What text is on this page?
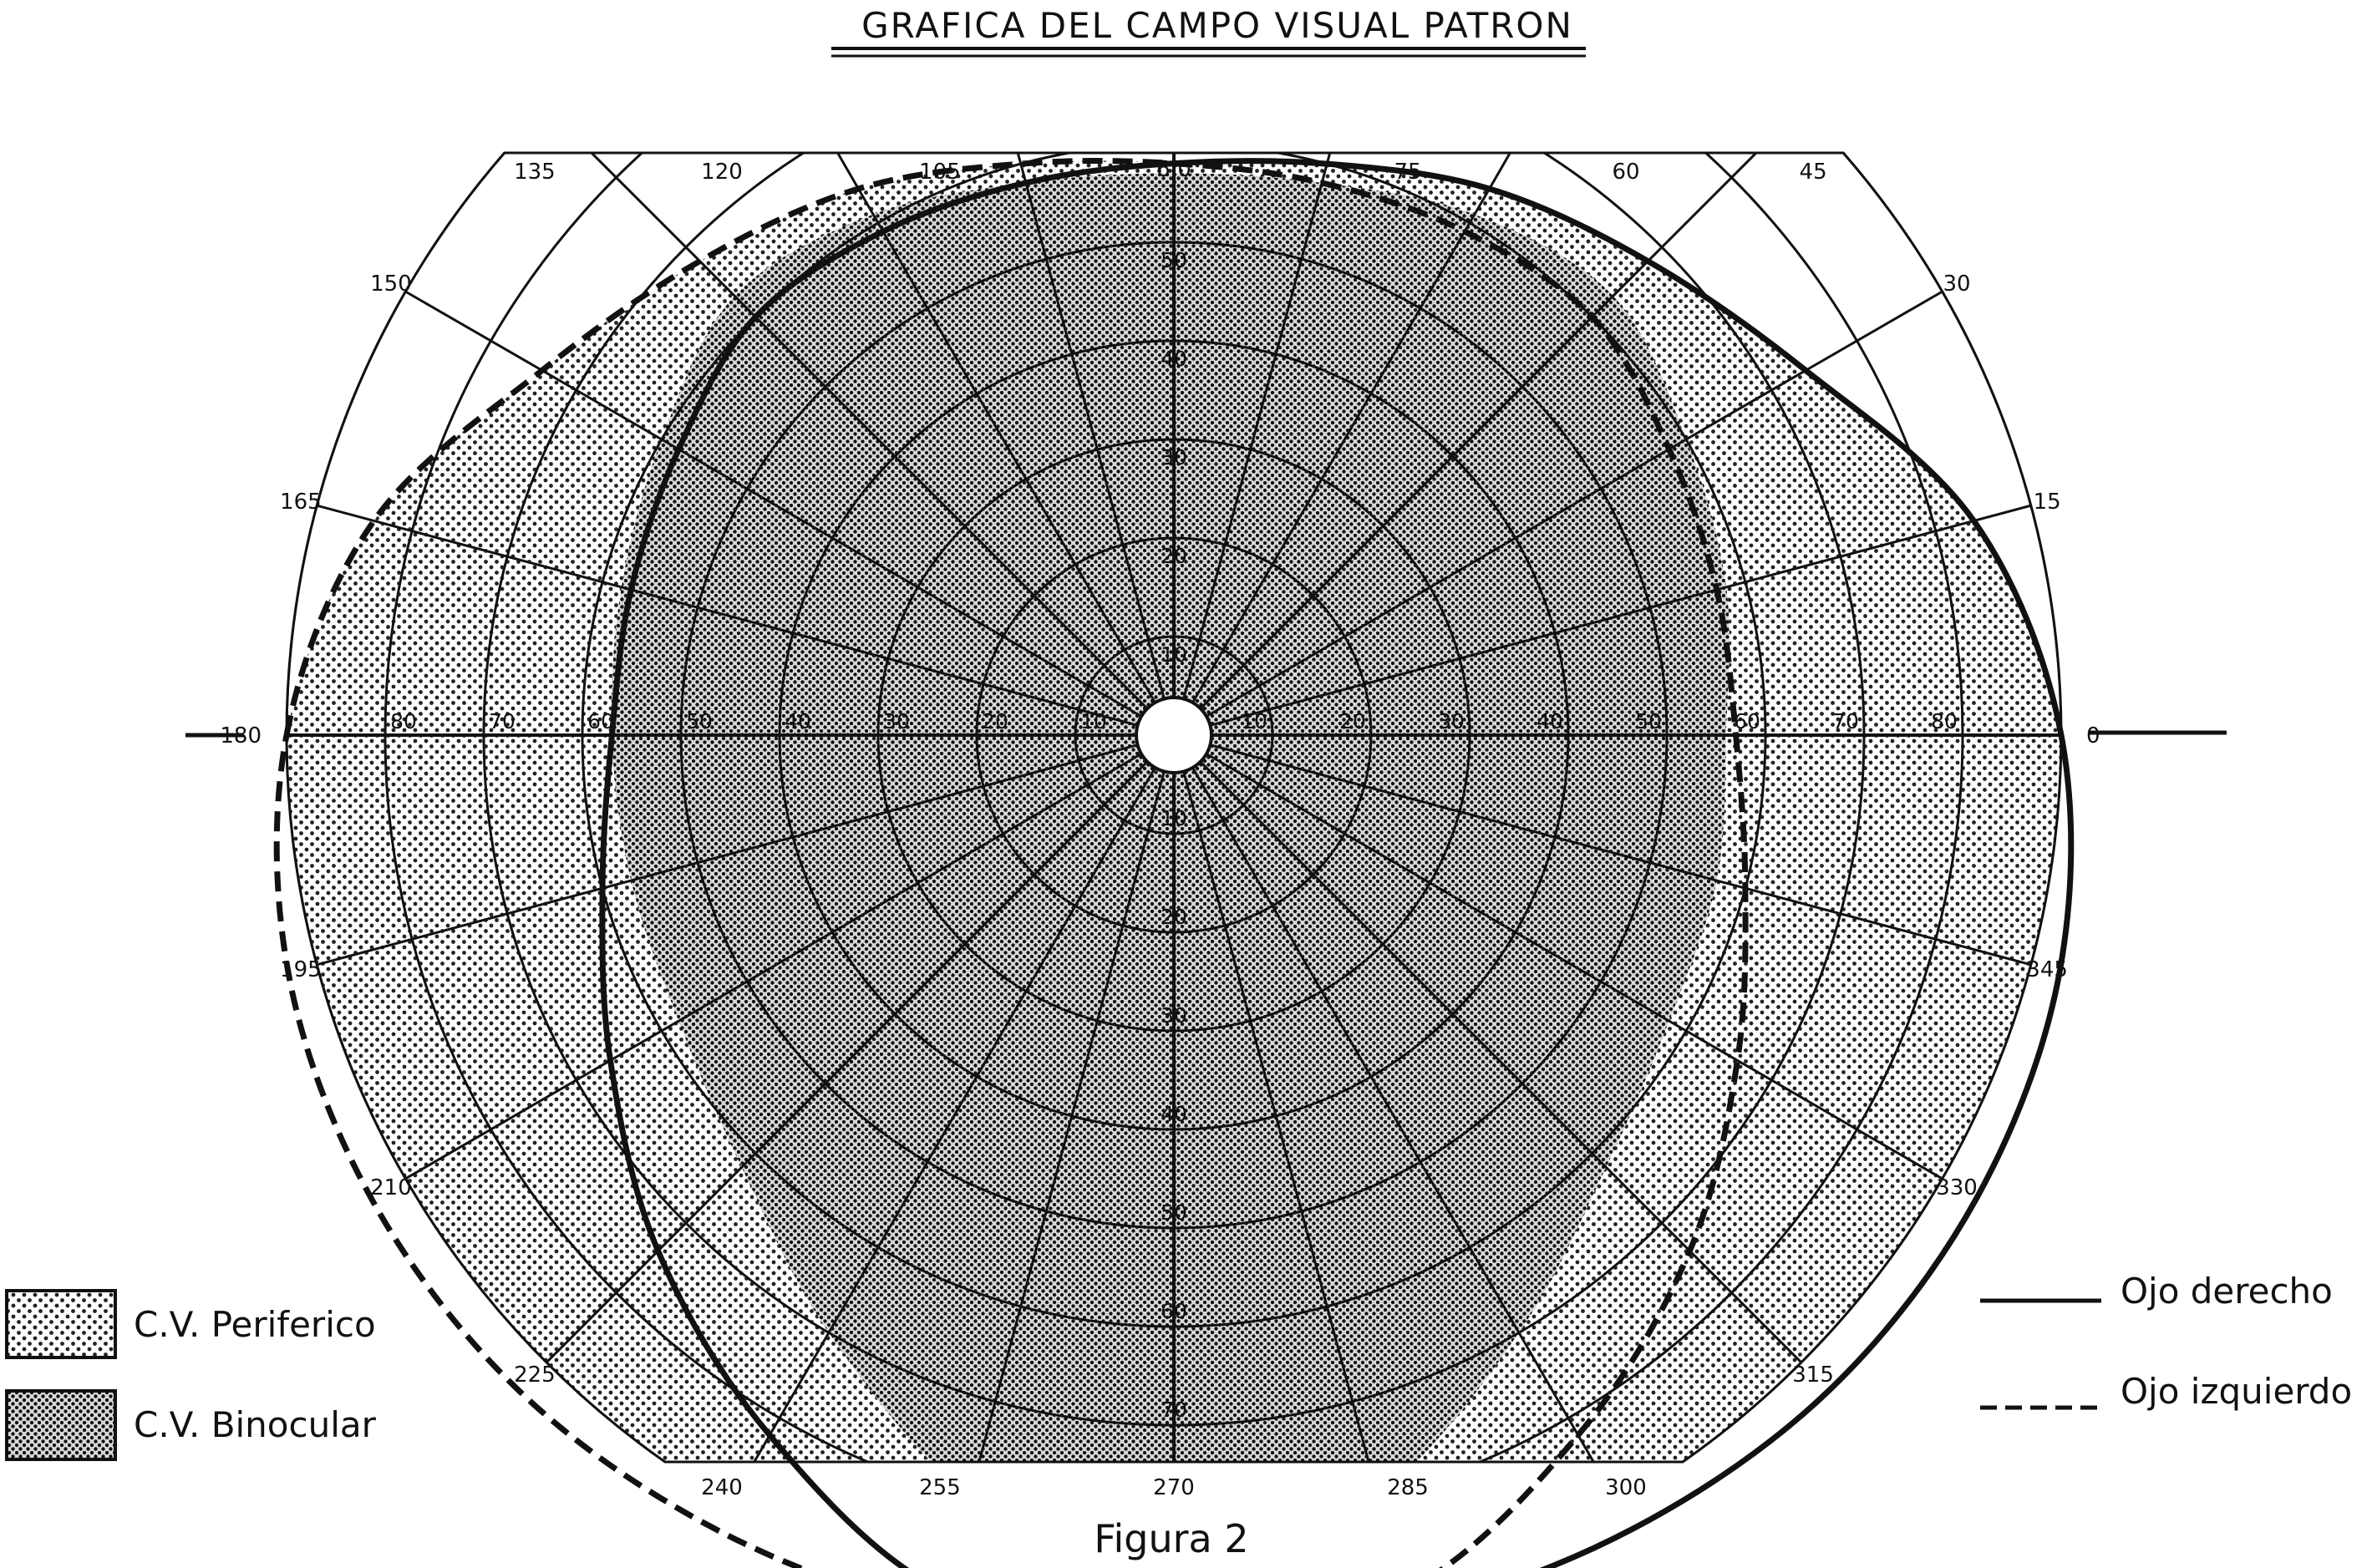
GRAFICA DEL CAMPO VISUAL PATRON
0
15
30
45
60
75
105
120
135
150
165
180
195
210
225
240	255	270	285	300
315
330
345
6|0
10
10	20
20	30
30	40
40	50
50	60
60	70
70	80
80
10
10
20
20
30
30
40
40
50
50
60
70
C.V. Periferico
C.V. Binocular
Ojo derecho
Ojo izquierdo
Figura 2
